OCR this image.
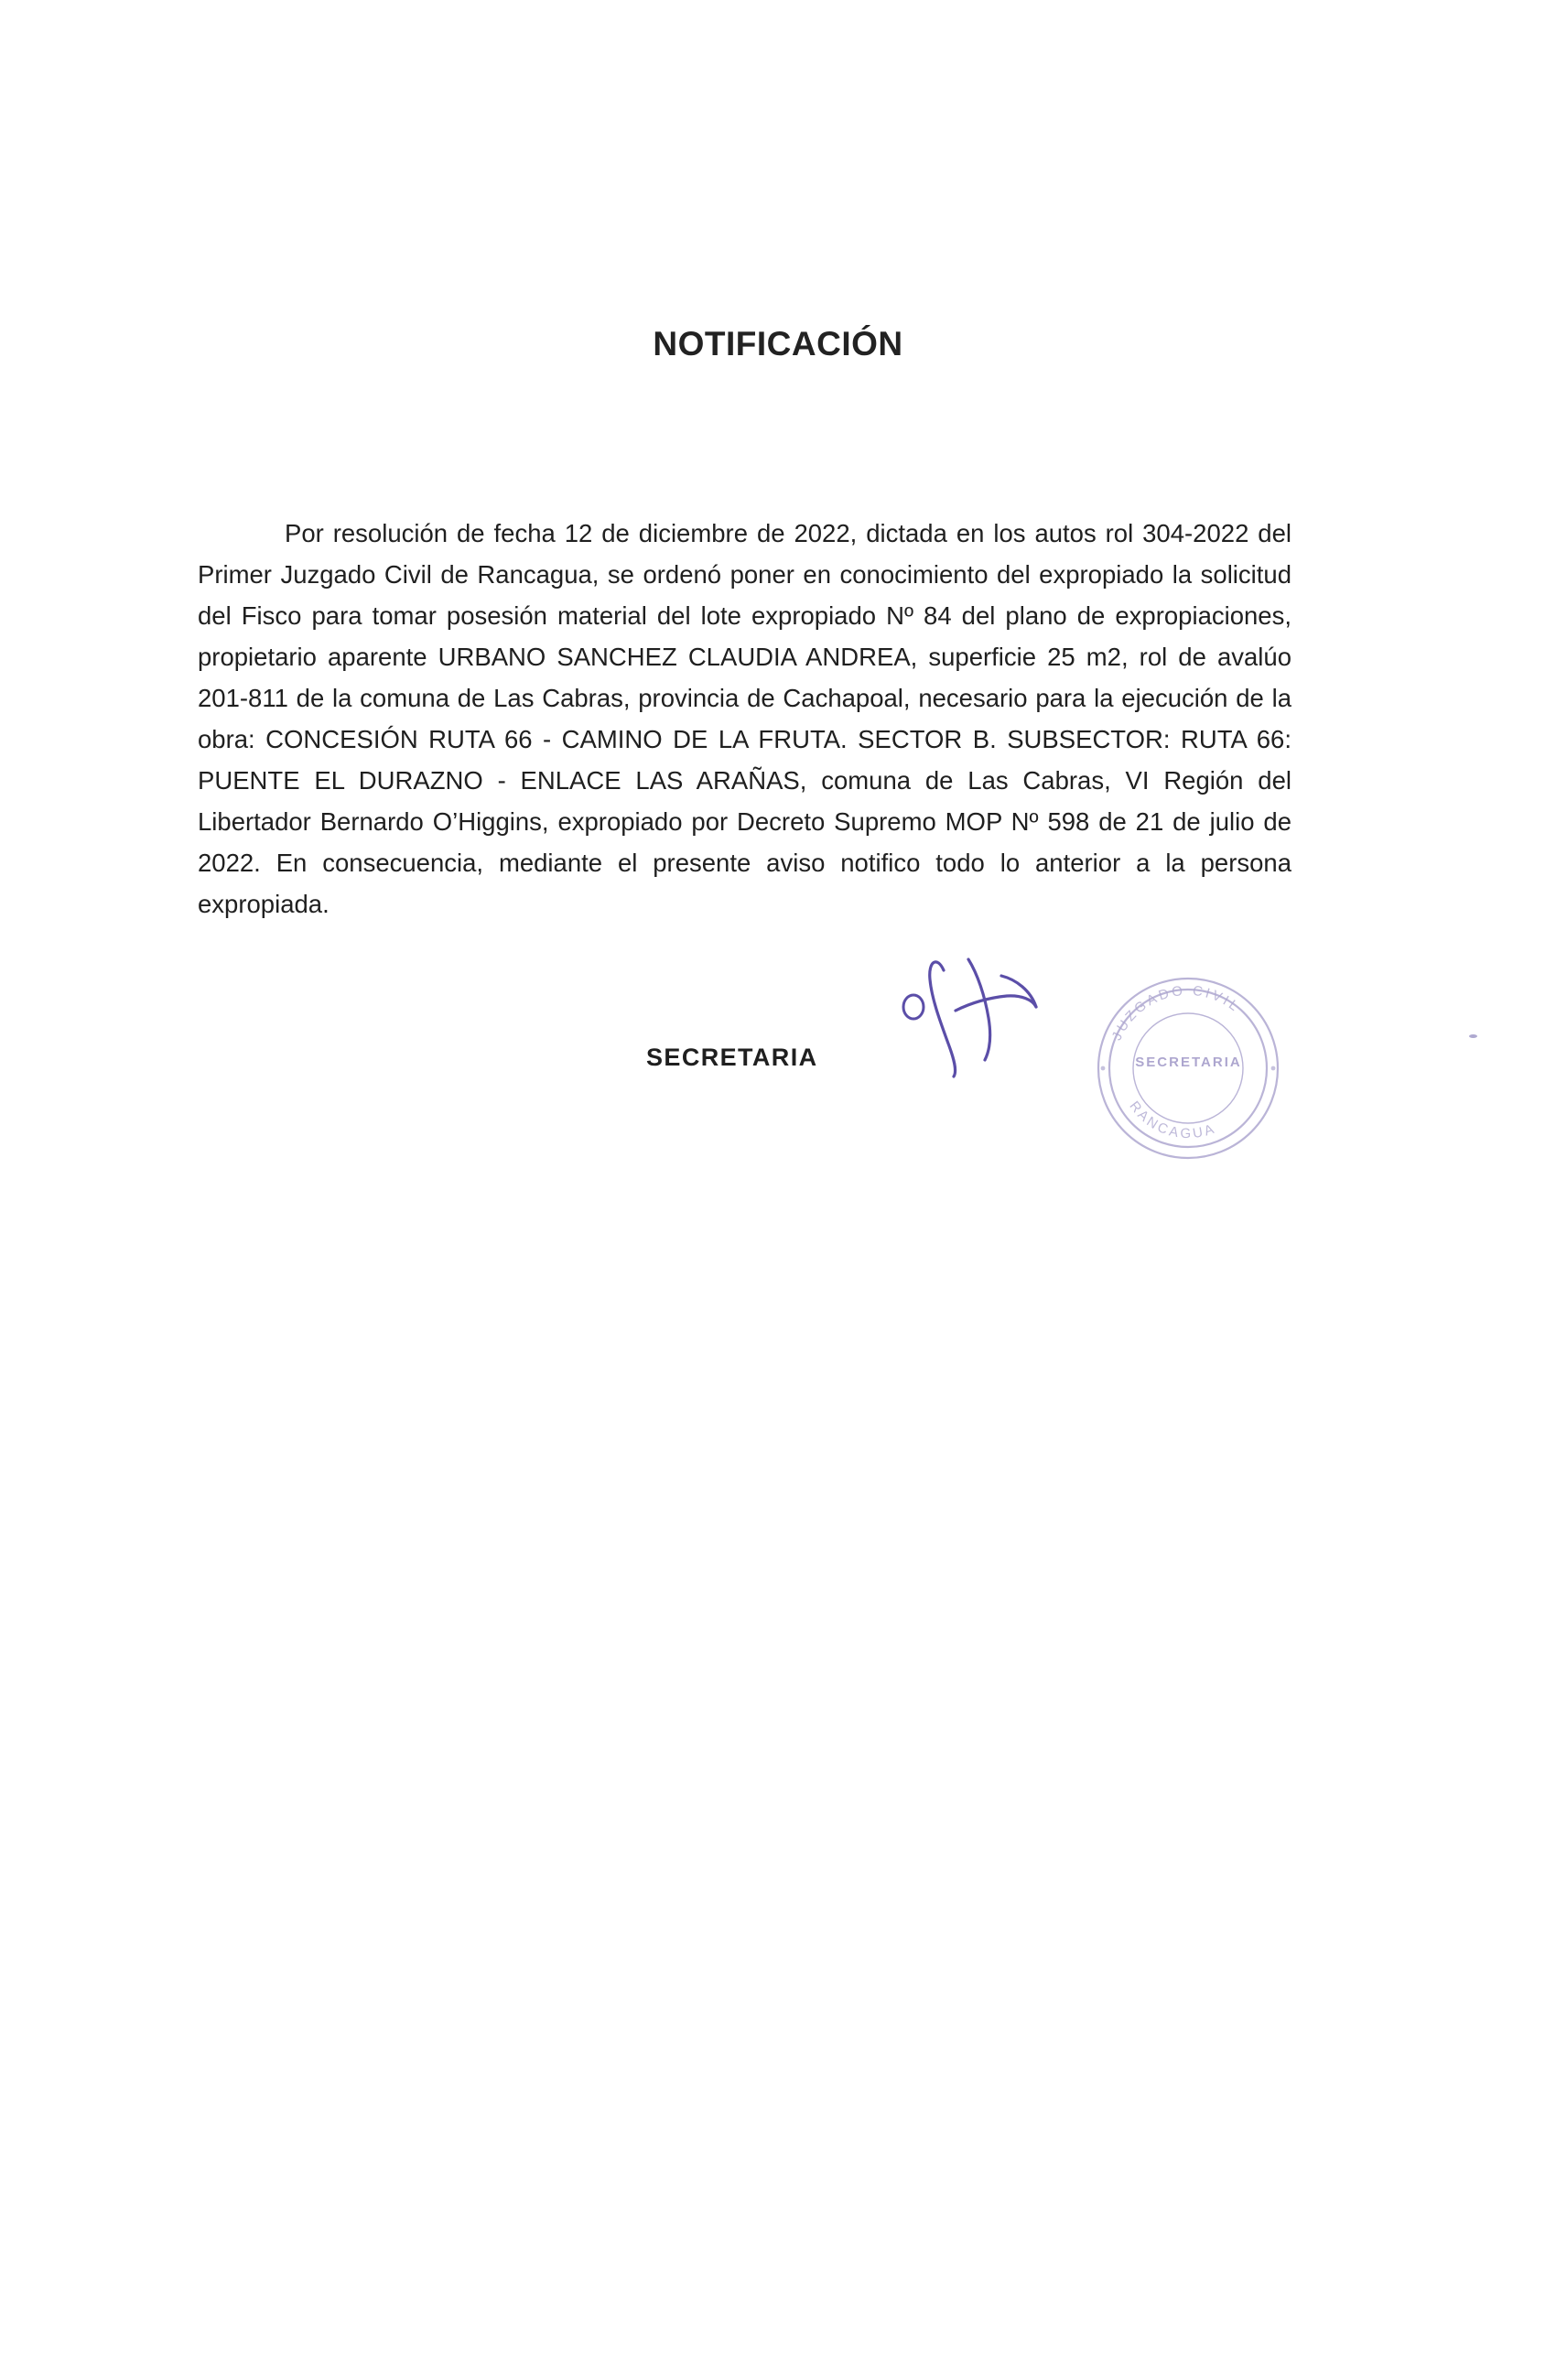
NOTIFICACIÓN

Por resolución de fecha 12 de diciembre de 2022, dictada en los autos rol 304-2022 del Primer Juzgado Civil de Rancagua, se ordenó poner en conocimiento del expropiado la solicitud del Fisco para tomar posesión material del lote expropiado Nº 84 del plano de expropiaciones, propietario aparente URBANO SANCHEZ CLAUDIA ANDREA, superficie 25 m2, rol de avalúo 201-811 de la comuna de Las Cabras, provincia de Cachapoal, necesario para la ejecución de la obra: CONCESIÓN RUTA 66 - CAMINO DE LA FRUTA. SECTOR B. SUBSECTOR: RUTA 66: PUENTE EL DURAZNO - ENLACE LAS ARAÑAS, comuna de Las Cabras, VI Región del Libertador Bernardo O’Higgins, expropiado por Decreto Supremo MOP Nº 598 de 21 de julio de 2022. En consecuencia, mediante el presente aviso notifico todo lo anterior a la persona expropiada.

SECRETARIA
JUZGADO CIVIL
RANCAGUA
SECRETARIA
